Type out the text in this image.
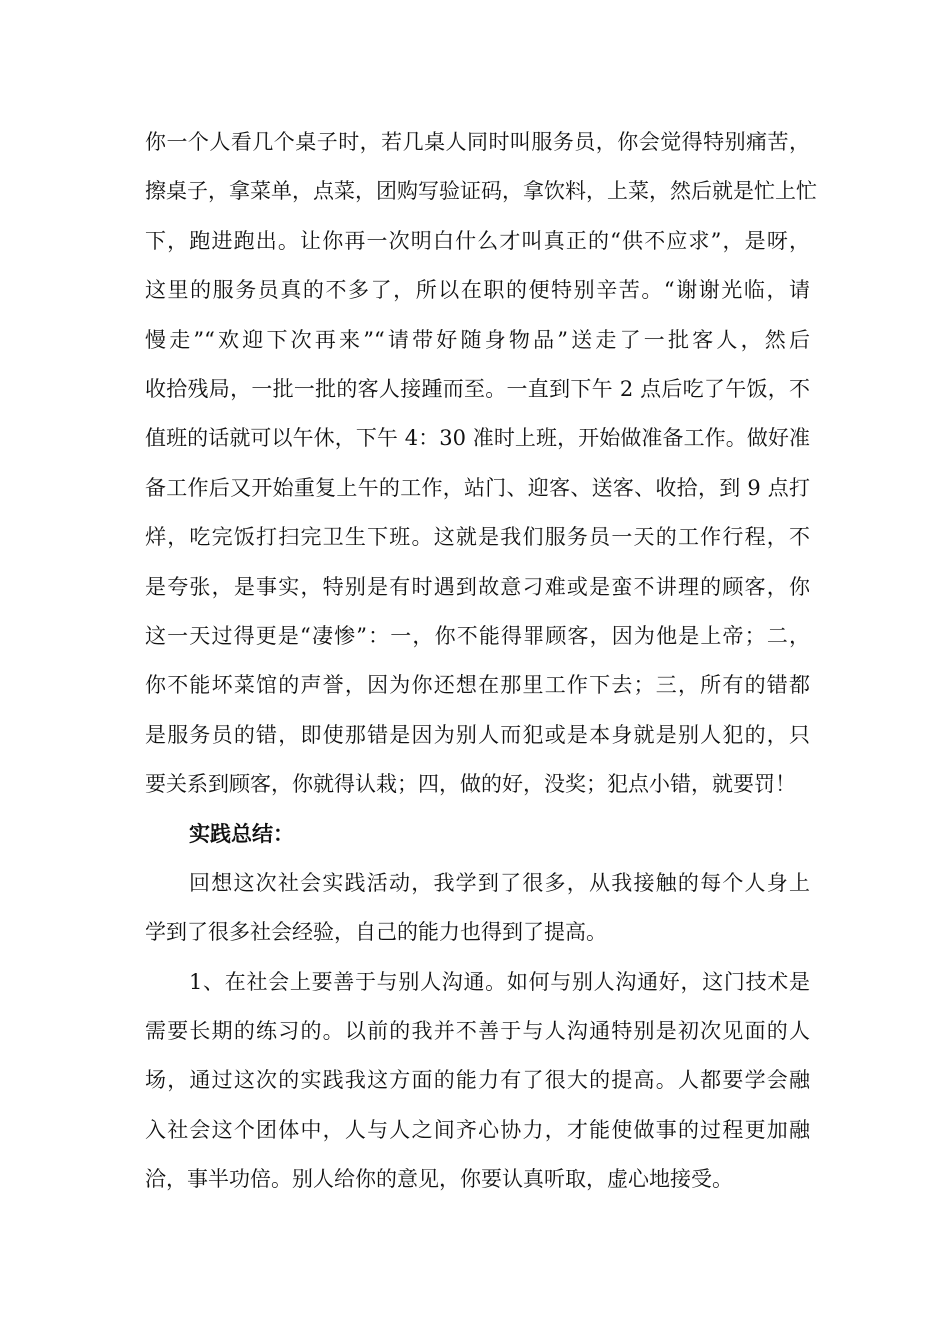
你一个人看几个桌子时，若几桌人同时叫服务员，你会觉得特别痛苦，
擦桌子，拿菜单，点菜，团购写验证码，拿饮料，上菜，然后就是忙上忙
下，跑进跑出。让你再一次明白什么才叫真正的“供不应求”，是呀，
这里的服务员真的不多了，所以在职的便特别辛苦。“谢谢光临，请
慢走”“欢迎下次再来”“请带好随身物品”送走了一批客人，然后
收拾残局，一批一批的客人接踵而至。一直到下午 2 点后吃了午饭，不
值班的话就可以午休，下午 4：30 准时上班，开始做准备工作。做好准
备工作后又开始重复上午的工作，站门、迎客、送客、收拾，到 9 点打
烊，吃完饭打扫完卫生下班。这就是我们服务员一天的工作行程，不
是夸张，是事实，特别是有时遇到故意刁难或是蛮不讲理的顾客，你
这一天过得更是“凄惨”：一，你不能得罪顾客，因为他是上帝；二，
你不能坏菜馆的声誉，因为你还想在那里工作下去；三，所有的错都
是服务员的错，即使那错是因为别人而犯或是本身就是别人犯的，只
要关系到顾客，你就得认栽；四，做的好，没奖；犯点小错，就要罚！
实践总结：
回想这次社会实践活动，我学到了很多，从我接触的每个人身上
学到了很多社会经验，自己的能力也得到了提高。
1、在社会上要善于与别人沟通。如何与别人沟通好，这门技术是
需要长期的练习的。以前的我并不善于与人沟通特别是初次见面的人
场，通过这次的实践我这方面的能力有了很大的提高。人都要学会融
入社会这个团体中，人与人之间齐心协力，才能使做事的过程更加融
洽，事半功倍。别人给你的意见，你要认真听取，虚心地接受。
